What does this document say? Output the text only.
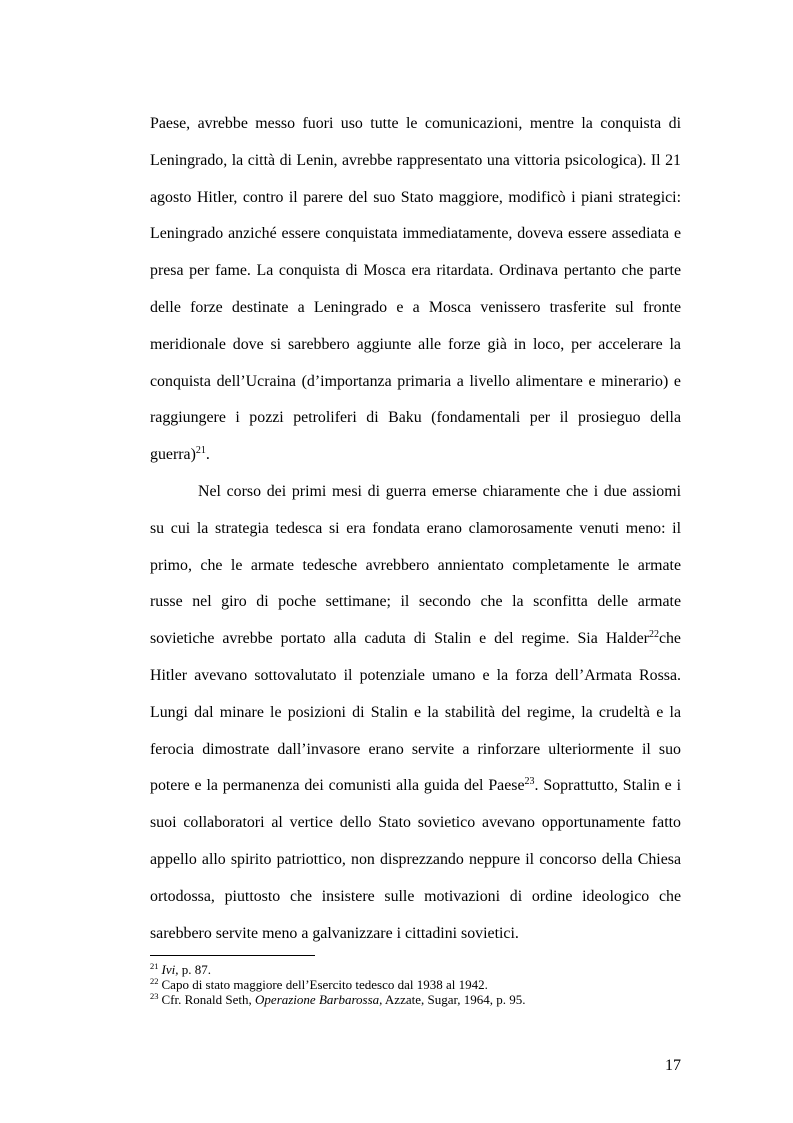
Paese, avrebbe messo fuori uso tutte le comunicazioni, mentre la conquista di
Leningrado, la città di Lenin, avrebbe rappresentato una vittoria psicologica). Il 21
agosto Hitler, contro il parere del suo Stato maggiore, modificò i piani strategici:
Leningrado anziché essere conquistata immediatamente, doveva essere assediata e
presa per fame. La conquista di Mosca era ritardata. Ordinava pertanto che parte
delle forze destinate a Leningrado e a Mosca venissero trasferite sul fronte
meridionale dove si sarebbero aggiunte alle forze già in loco, per accelerare la
conquista dell’Ucraina (d’importanza primaria a livello alimentare e minerario) e
raggiungere i pozzi petroliferi di Baku (fondamentali per il prosieguo della
guerra)$^{21}$.
Nel corso dei primi mesi di guerra emerse chiaramente che i due assiomi
su cui la strategia tedesca si era fondata erano clamorosamente venuti meno: il
primo, che le armate tedesche avrebbero annientato completamente le armate
russe nel giro di poche settimane; il secondo che la sconfitta delle armate
sovietiche avrebbe portato alla caduta di Stalin e del regime. Sia Halder$^{22}$che
Hitler avevano sottovalutato il potenziale umano e la forza dell’Armata Rossa.
Lungi dal minare le posizioni di Stalin e la stabilità del regime, la crudeltà e la
ferocia dimostrate dall’invasore erano servite a rinforzare ulteriormente il suo
potere e la permanenza dei comunisti alla guida del Paese$^{23}$. Soprattutto, Stalin e i
suoi collaboratori al vertice dello Stato sovietico avevano opportunamente fatto
appello allo spirito patriottico, non disprezzando neppure il concorso della Chiesa
ortodossa, piuttosto che insistere sulle motivazioni di ordine ideologico che
sarebbero servite meno a galvanizzare i cittadini sovietici.
$^{21}$ Ivi, p. 87.
$^{22}$ Capo di stato maggiore dell’Esercito tedesco dal 1938 al 1942.
$^{23}$ Cfr. Ronald Seth, Operazione Barbarossa, Azzate, Sugar, 1964, p. 95.
17
